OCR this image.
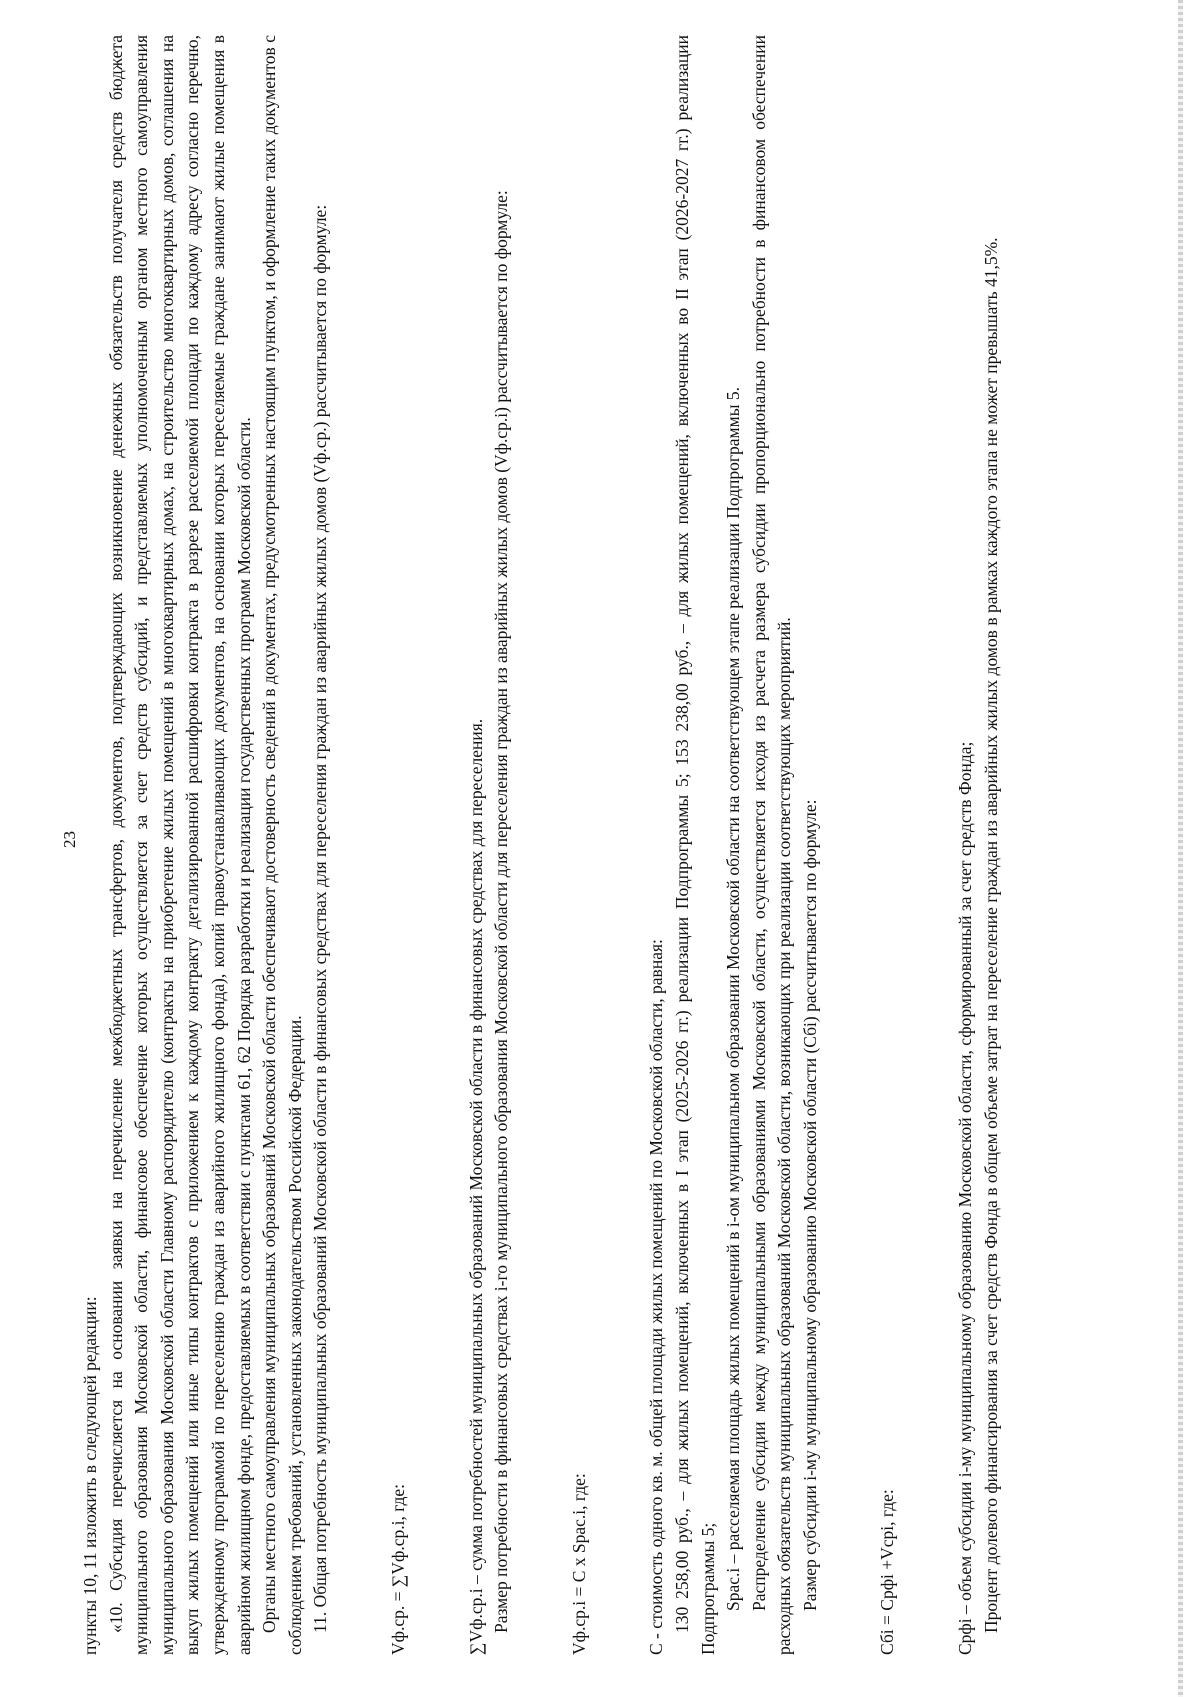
23

пункты 10, 11 изложить в следующей редакции: «10. Субсидия перечисляется на основании заявки на перечисление межбюджетных трансфертов, документов, подтверждающих возникновение денежных обязательств получателя средств бюджета муниципального образования Московской области, финансовое обеспечение которых осуществляется за счет средств субсидий, и представляемых уполномоченным органом местного самоуправления муниципального образования Московской области Главному распорядителю (контракты на приобретение жилых помещений в многоквартирных домах, на строительство многоквартирных домов, соглашения на выкуп жилых помещений или иные типы контрактов с приложением к каждому контракту детализированной расшифровки контракта в разрезе расселяемой площади по каждому адресу согласно перечню, утвержденному программой по переселению граждан из аварийного жилищного фонда), копий правоустанавливающих документов, на основании которых переселяемые граждане занимают жилые помещения в аварийном жилищном фонде, предоставляемых в соответствии с пунктами 61, 62 Порядка разработки и реализации государственных программ Московской области. Органы местного самоуправления муниципальных образований Московской области обеспечивают достоверность сведений в документах, предусмотренных настоящим пунктом, и оформление таких документов с соблюдением требований, установленных законодательством Российской Федерации. 11. Общая потребность муниципальных образований Московской области в финансовых средствах для переселения граждан из аварийных жилых домов (Vф.ср.) рассчитывается по формуле:	Vф.ср. = ∑Vф.ср.i, где:	∑Vф.ср.i – сумма потребностей муниципальных образований Московской области в финансовых средствах для переселения. Размер потребности в финансовых средствах i-го муниципального образования Московской области для переселения граждан из аварийных жилых домов (Vф.ср.i) рассчитывается по формуле:	Vф.ср.i = C x Spac.i, где:	C - стоимость одного кв. м. общей площади жилых помещений по Московской области, равная: 130 258,00 руб., – для жилых помещений, включенных в I этап (2025-2026 гг.) реализации Подпрограммы 5; 153 238,00 руб., – для жилых помещений, включенных во II этап (2026-2027 гг.) реализации Подпрограммы 5; Spac.i – расселяемая площадь жилых помещений в i-ом муниципальном образовании Московской области на соответствующем этапе реализации Подпрограммы 5. Распределение субсидии между муниципальными образованиями Московской области, осуществляется исходя из расчета размера субсидии пропорционально потребности в финансовом обеспечении расходных обязательств муниципальных образований Московской области, возникающих при реализации соответствующих мероприятий. Размер субсидии i-му муниципальному образованию Московской области (Сбi) рассчитывается по формуле:	Сбi = Cрфi +Vсрi, где:	Cрфi – объем субсидии i-му муниципальному образованию Московской области, сформированный за счет средств Фонда; Процент долевого финансирования за счет средств Фонда в общем объеме затрат на переселение граждан из аварийных жилых домов в рамках каждого этапа не может превышать 41,5%.
